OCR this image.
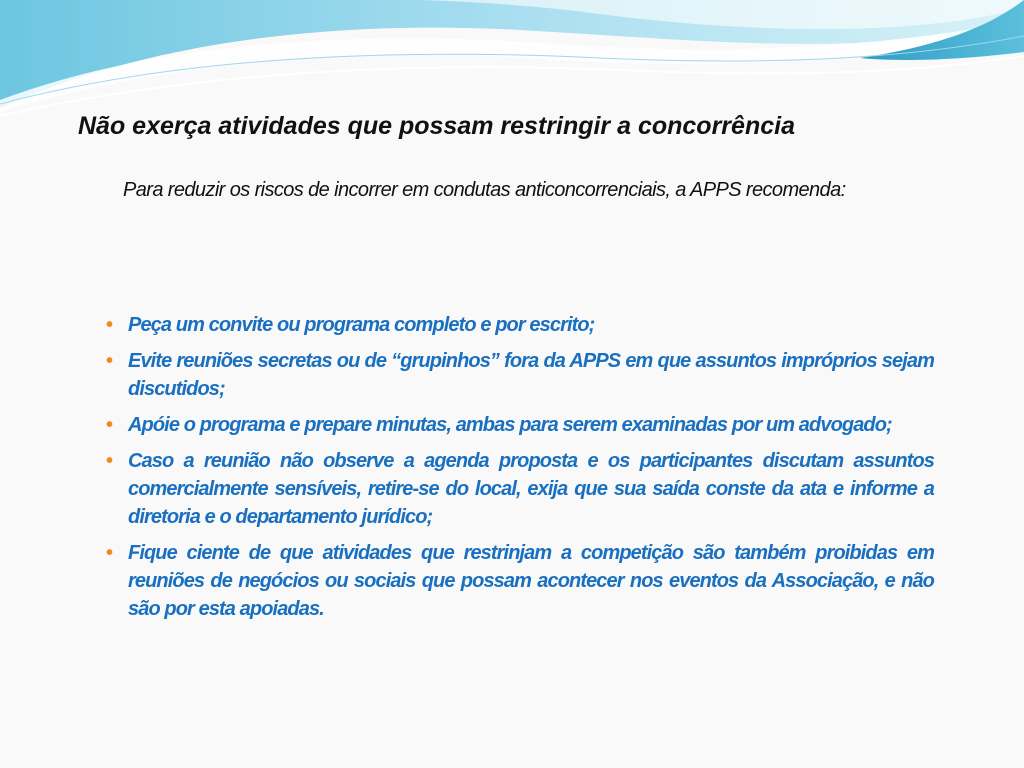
Não exerça atividades que possam restringir a concorrência

Para reduzir os riscos de incorrer em condutas anticoncorrenciais, a APPS recomenda:

• Peça um convite ou programa completo e por escrito;
• Evite reuniões secretas ou de “grupinhos” fora da APPS em que assuntos impróprios sejam discutidos;
• Apóie o programa e prepare minutas, ambas para serem examinadas por um advogado;
• Caso a reunião não observe a agenda proposta e os participantes discutam assuntos comercialmente sensíveis, retire-se do local, exija que sua saída conste da ata e informe a diretoria e o departamento jurídico;
• Fique ciente de que atividades que restrinjam a competição são também proibidas em reuniões de negócios ou sociais que possam acontecer nos eventos da Associação, e não são por esta apoiadas.
